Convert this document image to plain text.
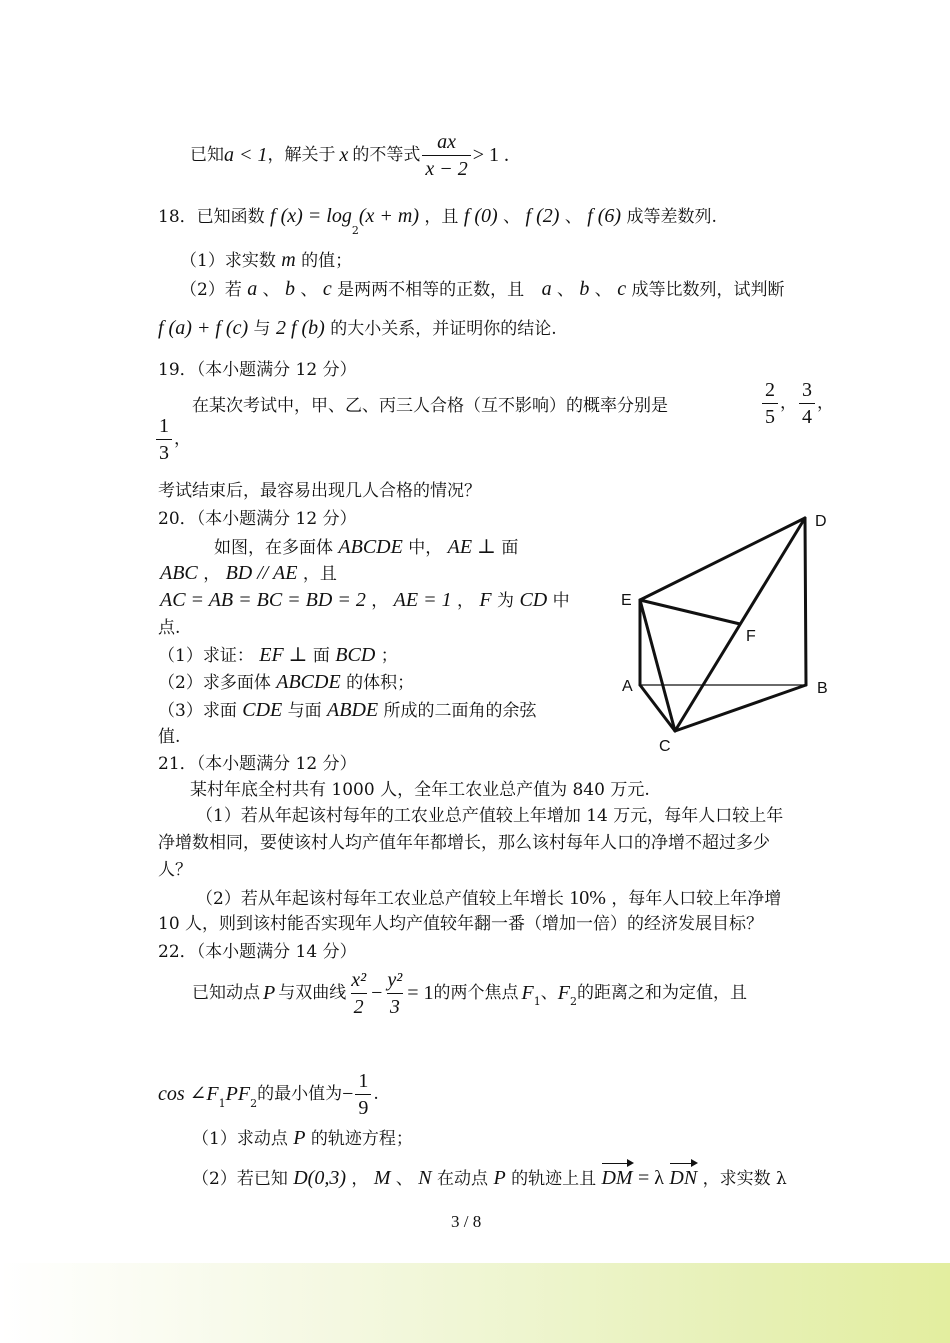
已知 a < 1 ，解关于 x 的不等式 $\frac{ax}{x - 2} > 1$ .
18．已知函数 f $(x) = \log_2(x + m)$ ，且 f (0) 、 f (2) 、 f (6) 成等差数列.
（1）求实数 m 的值；
（2）若 a 、 b 、 c 是两两不相等的正数，且 a 、 b 、 c 成等比数列，试判断
f (a) + f (c) 与 2 f (b) 的大小关系，并证明你的结论.
19．（本小题满分 12 分）
在某次考试中，甲、乙、丙三人合格（互不影响）的概率分别是	$\frac{2}{5}$ ， $\frac{3}{4}$ ，
$\frac{1}{3}$ ，
考试结束后，最容易出现几人合格的情况？
20．（本小题满分 12 分）
如图，在多面体 ABCDE 中， AE ⊥ 面
ABC ， BD // AE ，且
AC = AB = BC = BD = 2 ， AE = 1 ， F 为 CD 中
点.
（1）求证： EF ⊥ 面 BCD ；
（2）求多面体 ABCDE 的体积；
（3）求面 CDE 与面 ABDE 所成的二面角的余弦
值.
D
E
F
A	B
C
21．（本小题满分 12 分）
某村年底全村共有 1000 人，全年工农业总产值为 840 万元.
（1）若从年起该村每年的工农业总产值较上年增加 14 万元，每年人口较上年
净增数相同，要使该村人均产值年年都增长，那么该村每年人口的净增不超过多少
人？
（2）若从年起该村每年工农业总产值较上年增长 10% ，每年人口较上年净增
10 人，则到该村能否实现年人均产值较年翻一番（增加一倍）的经济发展目标？
22．（本小题满分 14 分）
已知动点 P 与双曲线 $\frac{\text{x²}}{2} - \frac{\text{y²}}{3} = 1$ 的两个焦点 $F_1$ 、 $F_2$ 的距离之和为定值，且
$\cos \angle F_1$ $PF_2$ 的最小值为 − $\frac{1}{9}$ .
（1）求动点 P 的轨迹方程；
（2）若已知 D(0,3) ， M 、 N 在动点 P 的轨迹上且 DM = λ DN ，求实数 λ
3 / 8
